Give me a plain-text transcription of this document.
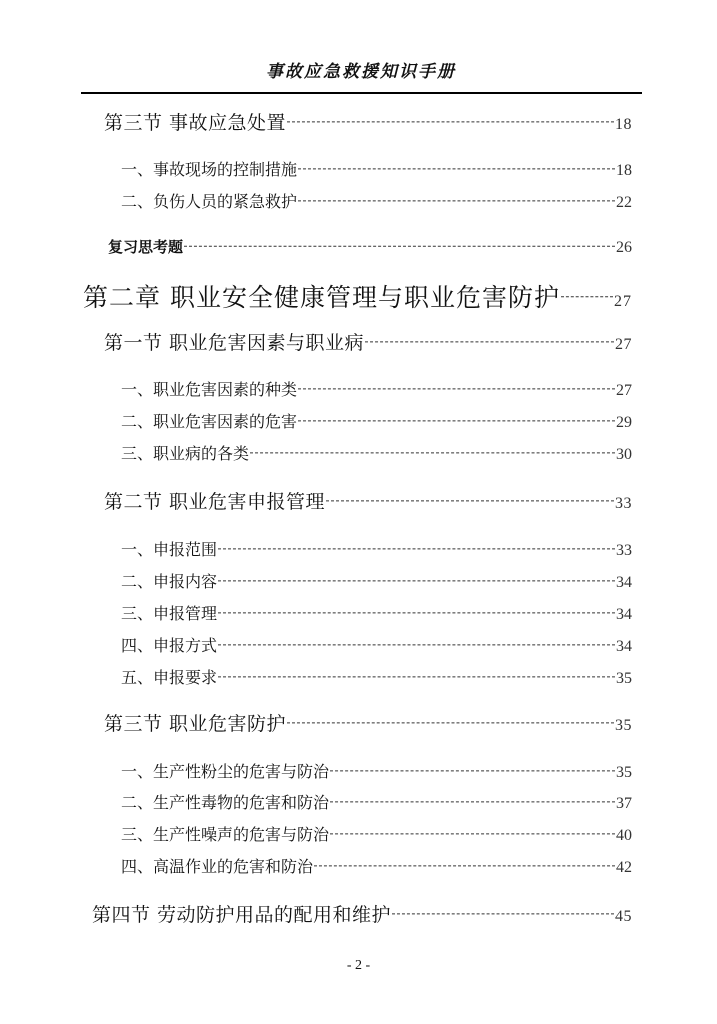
事故应急救援知识手册
第三节 事故应急处置	18
一、事故现场的控制措施	18
二、负伤人员的紧急救护	22
复习思考题	26
第二章 职业安全健康管理与职业危害防护	27
第一节 职业危害因素与职业病	27
一、职业危害因素的种类	27
二、职业危害因素的危害	29
三、职业病的各类	30
第二节 职业危害申报管理	33
一、申报范围	33
二、申报内容	34
三、申报管理	34
四、申报方式	34
五、申报要求	35
第三节 职业危害防护	35
一、生产性粉尘的危害与防治	35
二、生产性毒物的危害和防治	37
三、生产性噪声的危害与防治	40
四、高温作业的危害和防治	42
第四节 劳动防护用品的配用和维护	45
- 2 -
